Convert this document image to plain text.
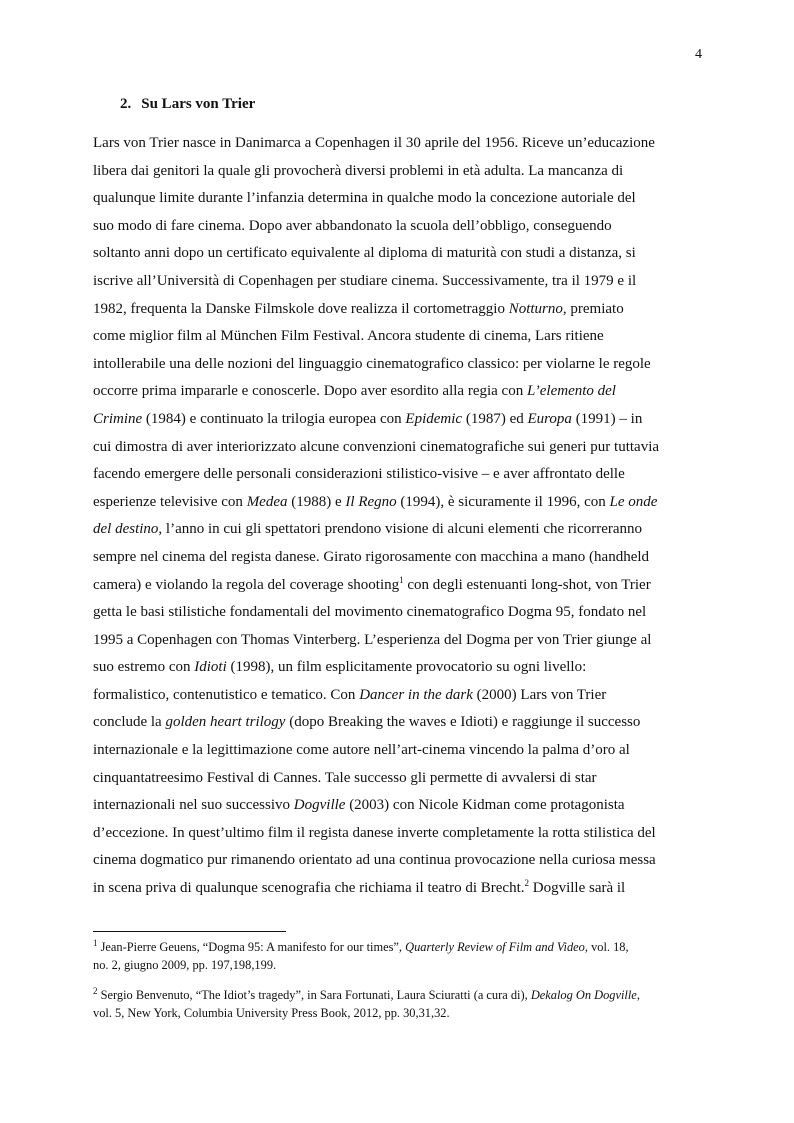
4
2. Su Lars von Trier
Lars von Trier nasce in Danimarca a Copenhagen il 30 aprile del 1956. Riceve un’educazione
libera dai genitori la quale gli provocherà diversi problemi in età adulta. La mancanza di
qualunque limite durante l’infanzia determina in qualche modo la concezione autoriale del
suo modo di fare cinema. Dopo aver abbandonato la scuola dell’obbligo, conseguendo
soltanto anni dopo un certificato equivalente al diploma di maturità con studi a distanza, si
iscrive all’Università di Copenhagen per studiare cinema. Successivamente, tra il 1979 e il
1982, frequenta la Danske Filmskole dove realizza il cortometraggio Notturno, premiato
come miglior film al München Film Festival. Ancora studente di cinema, Lars ritiene
intollerabile una delle nozioni del linguaggio cinematografico classico: per violarne le regole
occorre prima impararle e conoscerle. Dopo aver esordito alla regia con L’elemento del
Crimine (1984) e continuato la trilogia europea con Epidemic (1987) ed Europa (1991) – in
cui dimostra di aver interiorizzato alcune convenzioni cinematografiche sui generi pur tuttavia
facendo emergere delle personali considerazioni stilistico-visive – e aver affrontato delle
esperienze televisive con Medea (1988) e Il Regno (1994), è sicuramente il 1996, con Le onde
del destino, l’anno in cui gli spettatori prendono visione di alcuni elementi che ricorreranno
sempre nel cinema del regista danese. Girato rigorosamente con macchina a mano (handheld
camera) e violando la regola del coverage shooting$^1$ con degli estenuanti long-shot, von Trier
getta le basi stilistiche fondamentali del movimento cinematografico Dogma 95, fondato nel
1995 a Copenhagen con Thomas Vinterberg. L’esperienza del Dogma per von Trier giunge al
suo estremo con Idioti (1998), un film esplicitamente provocatorio su ogni livello:
formalistico, contenutistico e tematico. Con Dancer in the dark (2000) Lars von Trier
conclude la golden heart trilogy (dopo Breaking the waves e Idioti) e raggiunge il successo
internazionale e la legittimazione come autore nell’art-cinema vincendo la palma d’oro al
cinquantatreesimo Festival di Cannes. Tale successo gli permette di avvalersi di star
internazionali nel suo successivo Dogville (2003) con Nicole Kidman come protagonista
d’eccezione. In quest’ultimo film il regista danese inverte completamente la rotta stilistica del
cinema dogmatico pur rimanendo orientato ad una continua provocazione nella curiosa messa
in scena priva di qualunque scenografia che richiama il teatro di Brecht.$^2$ Dogville sarà il
$^1$ Jean-Pierre Geuens, “Dogma 95: A manifesto for our times”, Quarterly Review of Film and Video, vol. 18,
no. 2, giugno 2009, pp. 197,198,199.
$^2$ Sergio Benvenuto, “The Idiot’s tragedy”, in Sara Fortunati, Laura Sciuratti (a cura di), Dekalog On Dogville,
vol. 5, New York, Columbia University Press Book, 2012, pp. 30,31,32.
